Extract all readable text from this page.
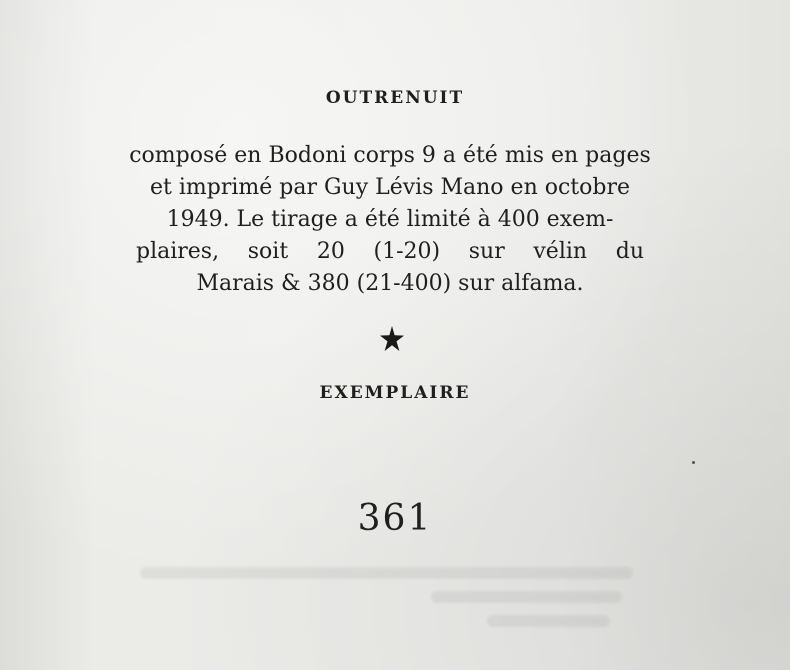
OUTRENUIT
composé en Bodoni corps 9 a été mis en pages
et imprimé par Guy Lévis Mano en octobre
1949. Le tirage a été limité à 400 exem-
plaires, soit 20 (1-20) sur vélin du
Marais & 380 (21-400) sur alfama.
EXEMPLAIRE
361
